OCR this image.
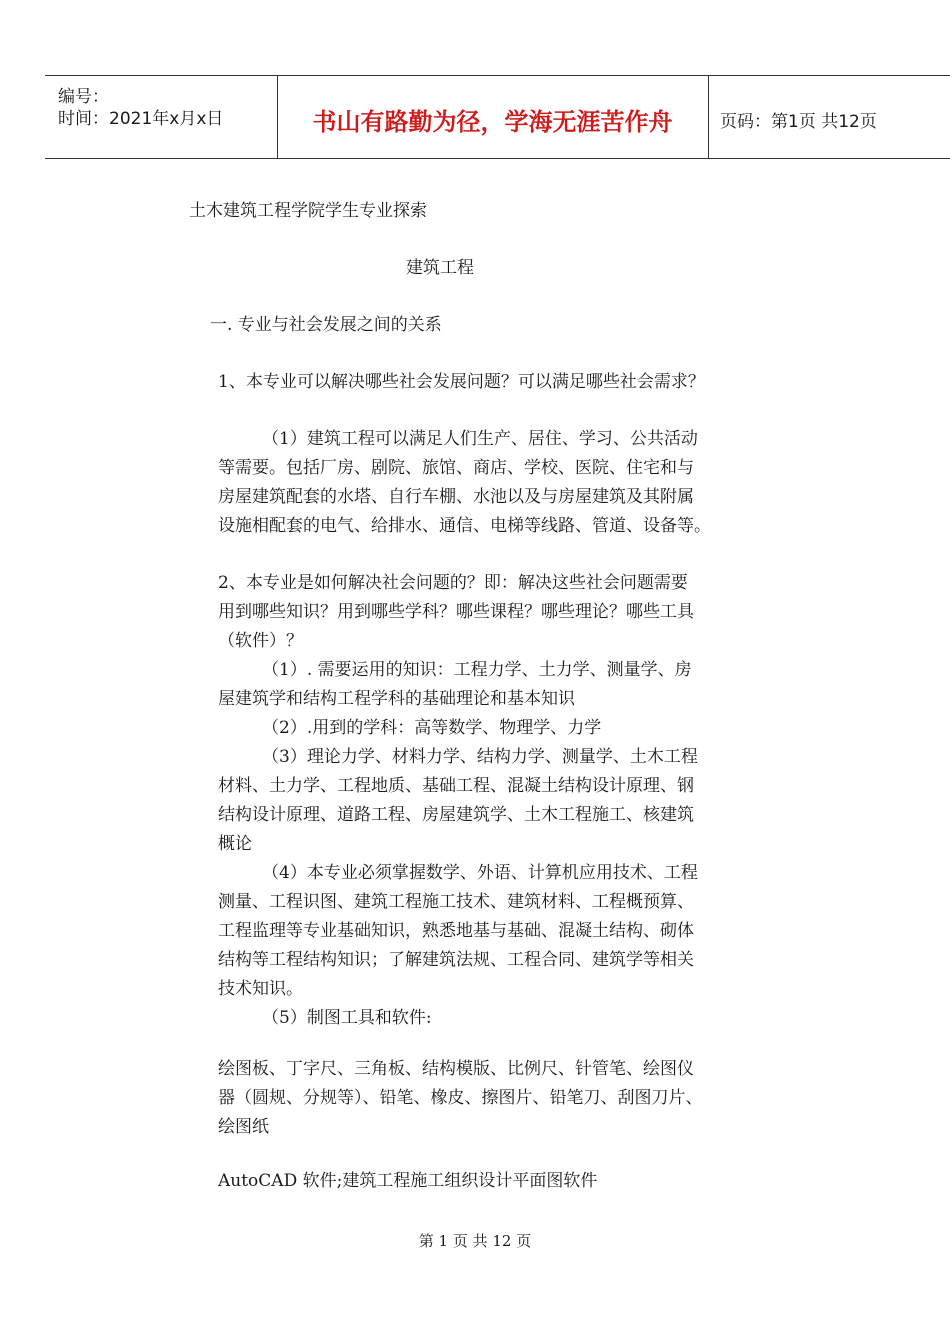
编号：
时间：2021年x月x日	书山有路勤为径，学海无涯苦作舟	页码：第1页 共12页
土木建筑工程学院学生专业探索
建筑工程
一. 专业与社会发展之间的关系
1、本专业可以解决哪些社会发展问题？可以满足哪些社会需求？
（1）建筑工程可以满足人们生产、居住、学习、公共活动
等需要。包括厂房、剧院、旅馆、商店、学校、医院、住宅和与
房屋建筑配套的水塔、自行车棚、水池以及与房屋建筑及其附属
设施相配套的电气、给排水、通信、电梯等线路、管道、设备等。
2、本专业是如何解决社会问题的？即：解决这些社会问题需要
用到哪些知识？用到哪些学科？哪些课程？哪些理论？哪些工具
（软件）？
（1）. 需要运用的知识：工程力学、土力学、测量学、房
屋建筑学和结构工程学科的基础理论和基本知识
（2）.用到的学科：高等数学、物理学、力学
（3）理论力学、材料力学、结构力学、测量学、土木工程
材料、土力学、工程地质、基础工程、混凝土结构设计原理、钢
结构设计原理、道路工程、房屋建筑学、土木工程施工、核建筑
概论
（4）本专业必须掌握数学、外语、计算机应用技术、工程
测量、工程识图、建筑工程施工技术、建筑材料、工程概预算、
工程监理等专业基础知识，熟悉地基与基础、混凝土结构、砌体
结构等工程结构知识；了解建筑法规、工程合同、建筑学等相关
技术知识。
（5）制图工具和软件:
绘图板、丁字尺、三角板、结构模版、比例尺、针管笔、绘图仪
器（圆规、分规等）、铅笔、橡皮、擦图片、铅笔刀、刮图刀片、
绘图纸
AutoCAD 软件;建筑工程施工组织设计平面图软件
第 1 页 共 12 页
